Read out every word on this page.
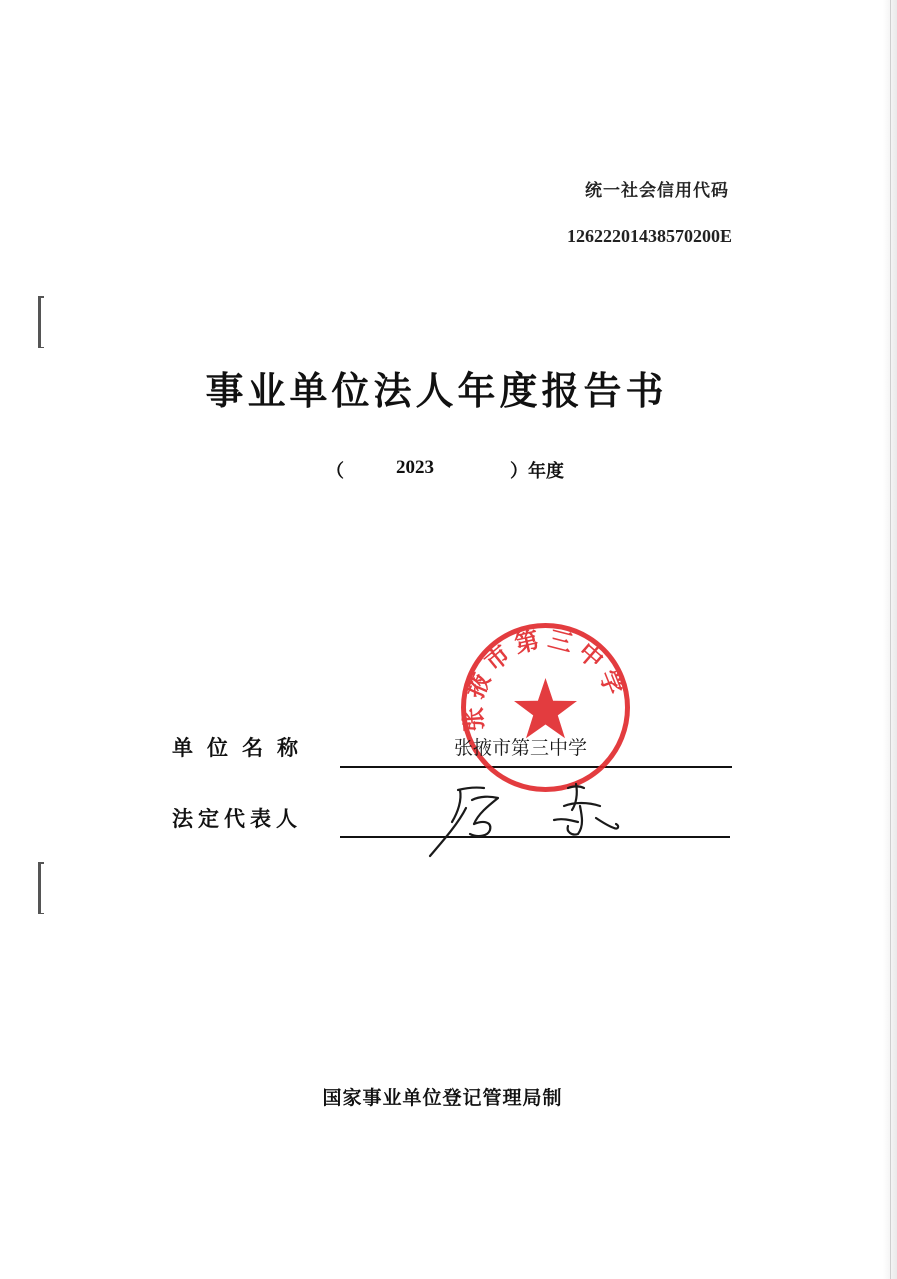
统一社会信用代码
12622201438570200E
事业单位法人年度报告书
（	2023	）年度
张掖市第三中学
单位名称	张掖市第三中学
法定代表人
国家事业单位登记管理局制
